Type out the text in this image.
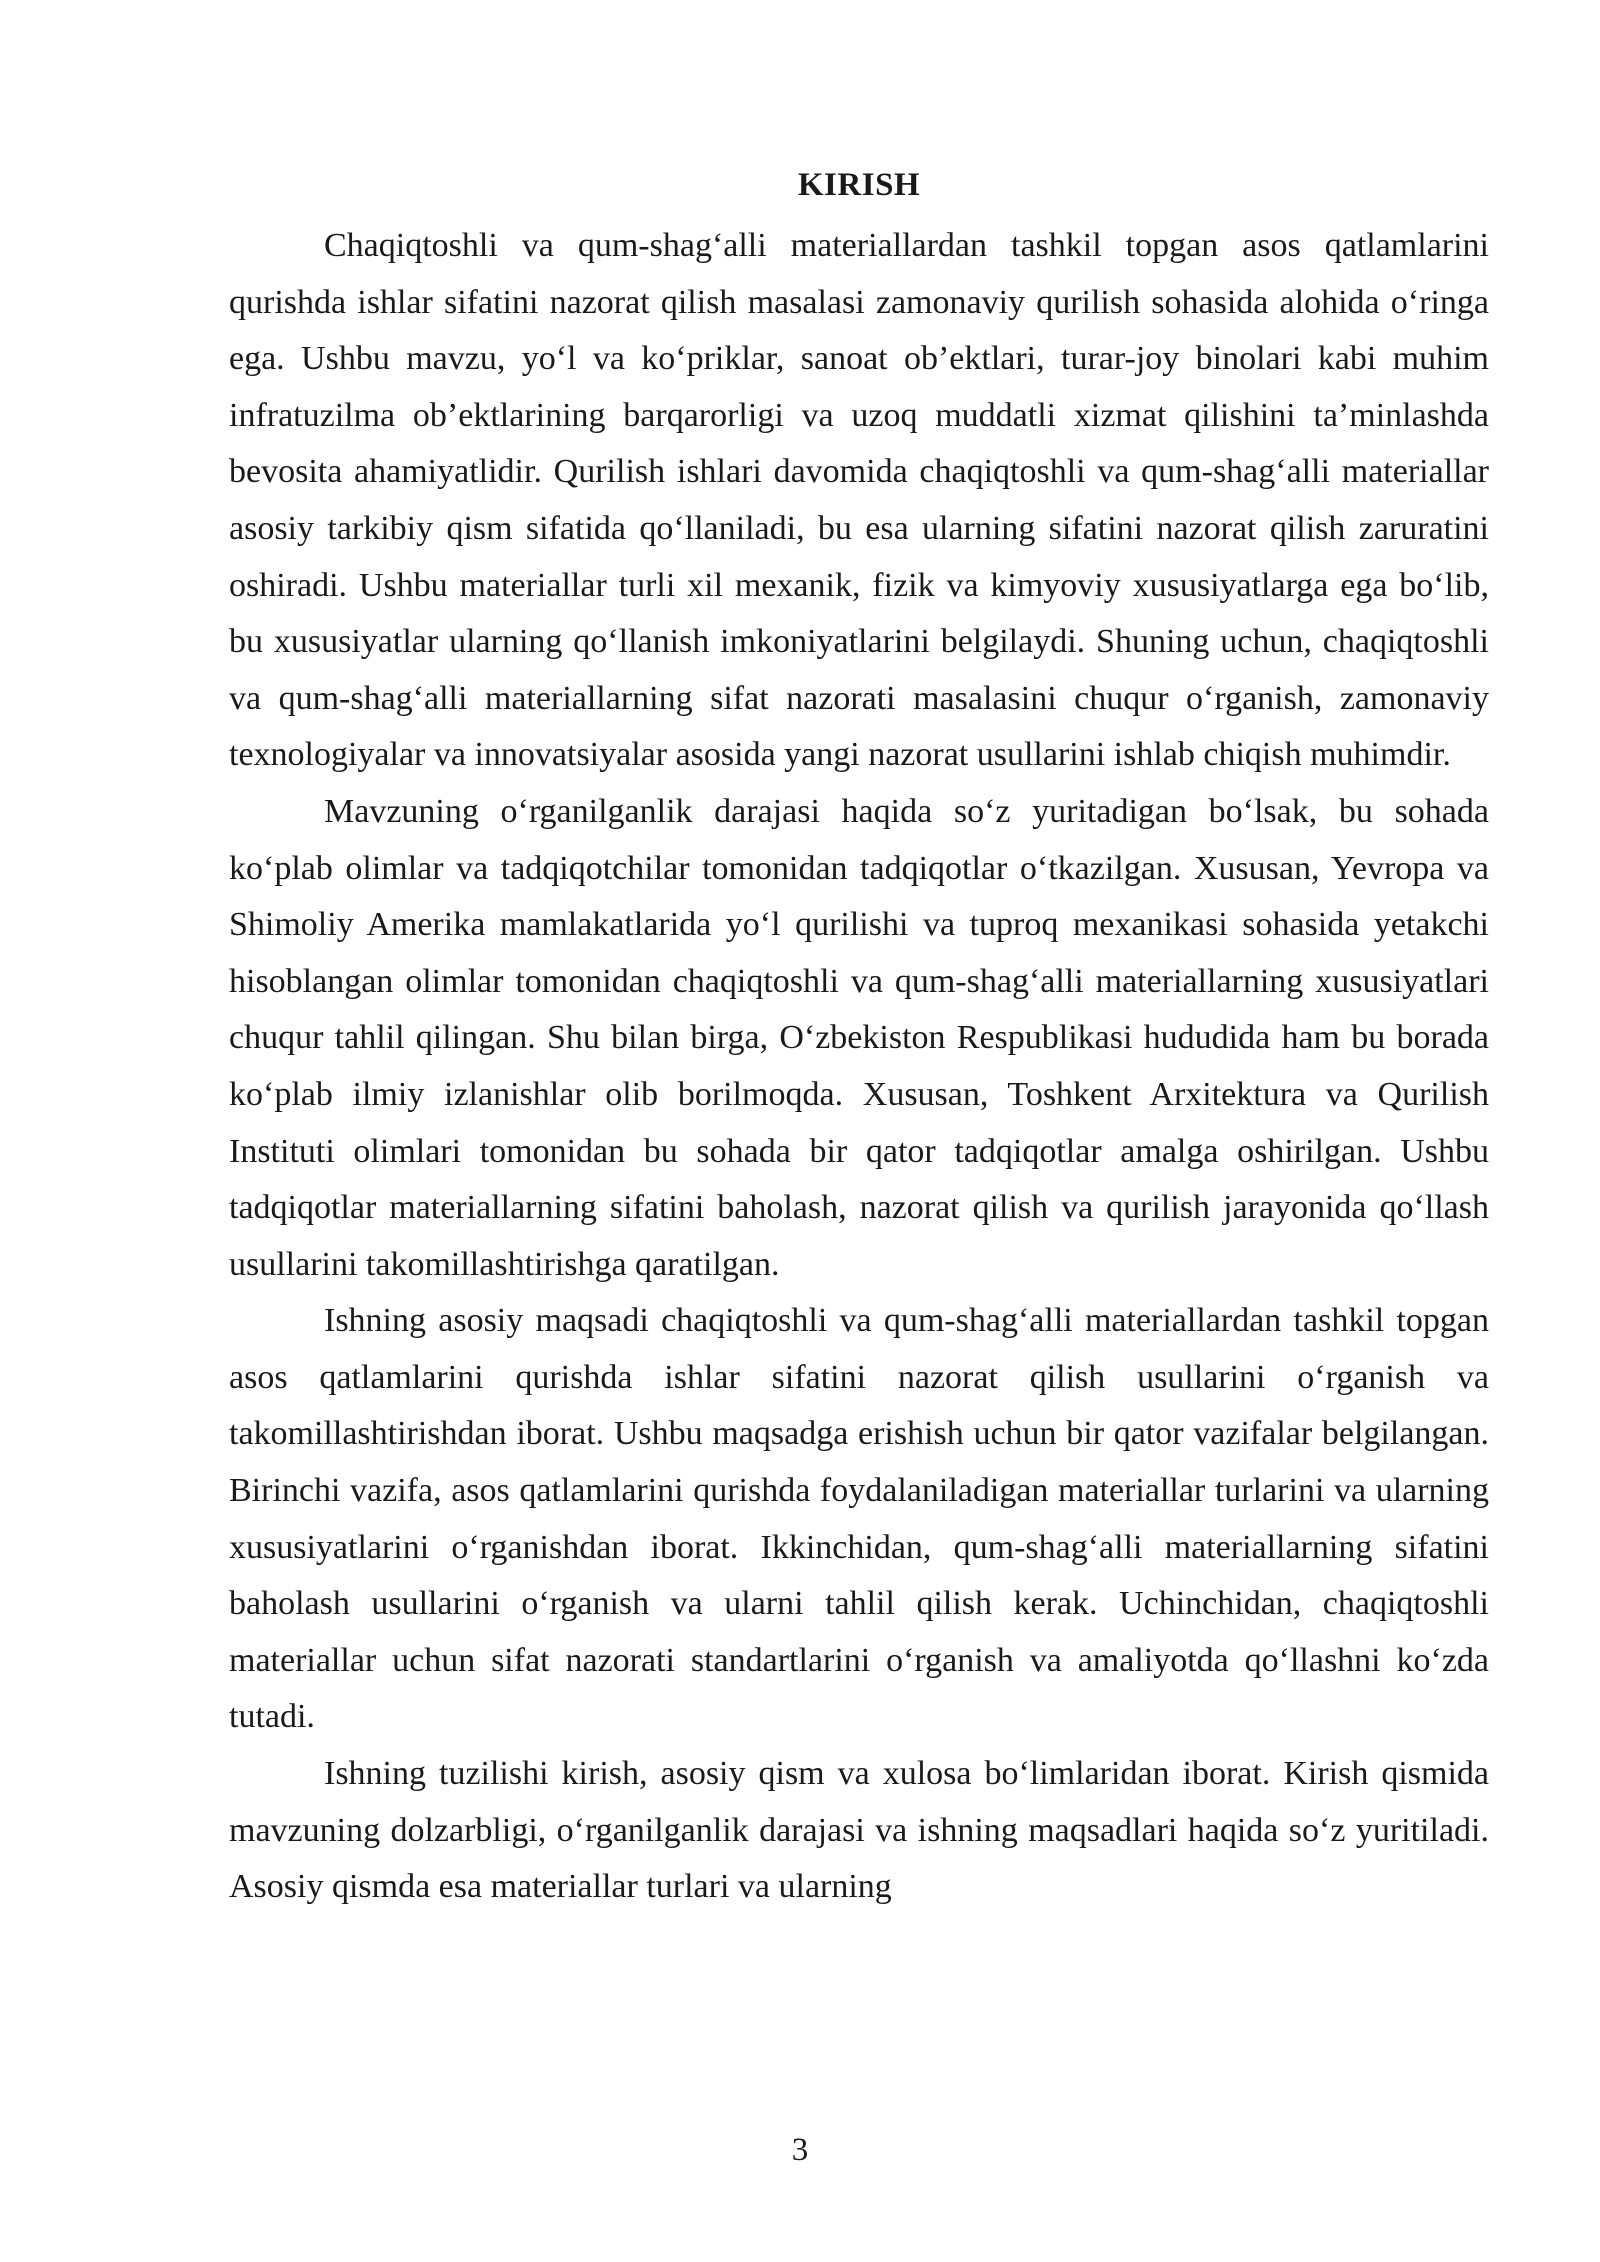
KIRISH

Chaqiqtoshli va qum-shag‘alli materiallardan tashkil topgan asos qatlamlarini qurishda ishlar sifatini nazorat qilish masalasi zamonaviy qurilish sohasida alohida o‘ringa ega. Ushbu mavzu, yo‘l va ko‘priklar, sanoat ob’ektlari, turar-joy binolari kabi muhim infratuzilma ob’ektlarining barqarorligi va uzoq muddatli xizmat qilishini ta’minlashda bevosita ahamiyatlidir. Qurilish ishlari davomida chaqiqtoshli va qum-shag‘alli materiallar asosiy tarkibiy qism sifatida qo‘llaniladi, bu esa ularning sifatini nazorat qilish zaruratini oshiradi. Ushbu materiallar turli xil mexanik, fizik va kimyoviy xususiyatlarga ega bo‘lib, bu xususiyatlar ularning qo‘llanish imkoniyatlarini belgilaydi. Shuning uchun, chaqiqtoshli va qum-shag‘alli materiallarning sifat nazorati masalasini chuqur o‘rganish, zamonaviy texnologiyalar va innovatsiyalar asosida yangi nazorat usullarini ishlab chiqish muhimdir.

Mavzuning o‘rganilganlik darajasi haqida so‘z yuritadigan bo‘lsak, bu sohada ko‘plab olimlar va tadqiqotchilar tomonidan tadqiqotlar o‘tkazilgan. Xususan, Yevropa va Shimoliy Amerika mamlakatlarida yo‘l qurilishi va tuproq mexanikasi sohasida yetakchi hisoblangan olimlar tomonidan chaqiqtoshli va qum-shag‘alli materiallarning xususiyatlari chuqur tahlil qilingan. Shu bilan birga, O‘zbekiston Respublikasi hududida ham bu borada ko‘plab ilmiy izlanishlar olib borilmoqda. Xususan, Toshkent Arxitektura va Qurilish Instituti olimlari tomonidan bu sohada bir qator tadqiqotlar amalga oshirilgan. Ushbu tadqiqotlar materiallarning sifatini baholash, nazorat qilish va qurilish jarayonida qo‘llash usullarini takomillashtirishga qaratilgan.

Ishning asosiy maqsadi chaqiqtoshli va qum-shag‘alli materiallardan tashkil topgan asos qatlamlarini qurishda ishlar sifatini nazorat qilish usullarini o‘rganish va takomillashtirishdan iborat. Ushbu maqsadga erishish uchun bir qator vazifalar belgilangan. Birinchi vazifa, asos qatlamlarini qurishda foydalaniladigan materiallar turlarini va ularning xususiyatlarini o‘rganishdan iborat. Ikkinchidan, qum-shag‘alli materiallarning sifatini baholash usullarini o‘rganish va ularni tahlil qilish kerak. Uchinchidan, chaqiqtoshli materiallar uchun sifat nazorati standartlarini o‘rganish va amaliyotda qo‘llashni ko‘zda tutadi.

Ishning tuzilishi kirish, asosiy qism va xulosa bo‘limlaridan iborat. Kirish qismida mavzuning dolzarbligi, o‘rganilganlik darajasi va ishning maqsadlari haqida so‘z yuritiladi. Asosiy qismda esa materiallar turlari va ularning

3
